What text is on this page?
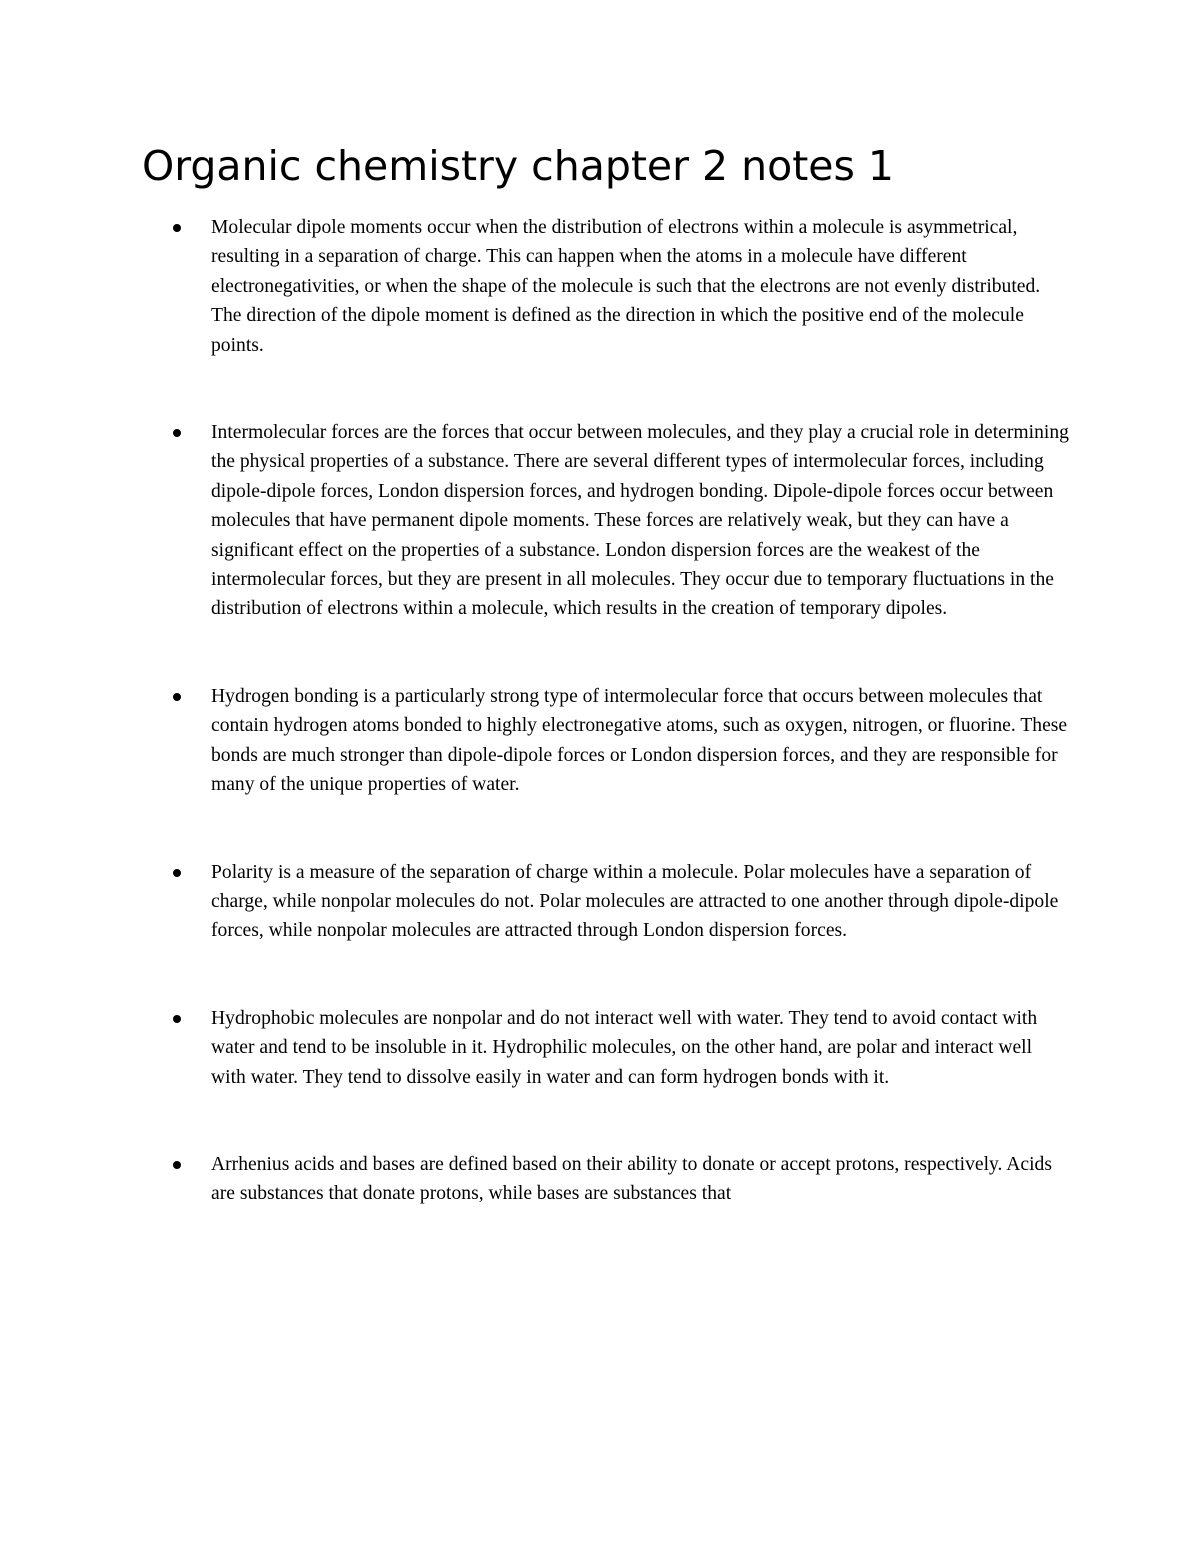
Organic chemistry chapter 2 notes 1
Molecular dipole moments occur when the distribution of electrons within a molecule is asymmetrical, resulting in a separation of charge. This can happen when the atoms in a molecule have different electronegativities, or when the shape of the molecule is such that the electrons are not evenly distributed. The direction of the dipole moment is defined as the direction in which the positive end of the molecule points.
Intermolecular forces are the forces that occur between molecules, and they play a crucial role in determining the physical properties of a substance. There are several different types of intermolecular forces, including dipole-dipole forces, London dispersion forces, and hydrogen bonding. Dipole-dipole forces occur between molecules that have permanent dipole moments. These forces are relatively weak, but they can have a significant effect on the properties of a substance. London dispersion forces are the weakest of the intermolecular forces, but they are present in all molecules. They occur due to temporary fluctuations in the distribution of electrons within a molecule, which results in the creation of temporary dipoles.
Hydrogen bonding is a particularly strong type of intermolecular force that occurs between molecules that contain hydrogen atoms bonded to highly electronegative atoms, such as oxygen, nitrogen, or fluorine. These bonds are much stronger than dipole-dipole forces or London dispersion forces, and they are responsible for many of the unique properties of water.
Polarity is a measure of the separation of charge within a molecule. Polar molecules have a separation of charge, while nonpolar molecules do not. Polar molecules are attracted to one another through dipole-dipole forces, while nonpolar molecules are attracted through London dispersion forces.
Hydrophobic molecules are nonpolar and do not interact well with water. They tend to avoid contact with water and tend to be insoluble in it. Hydrophilic molecules, on the other hand, are polar and interact well with water. They tend to dissolve easily in water and can form hydrogen bonds with it.
Arrhenius acids and bases are defined based on their ability to donate or accept protons, respectively. Acids are substances that donate protons, while bases are substances that
